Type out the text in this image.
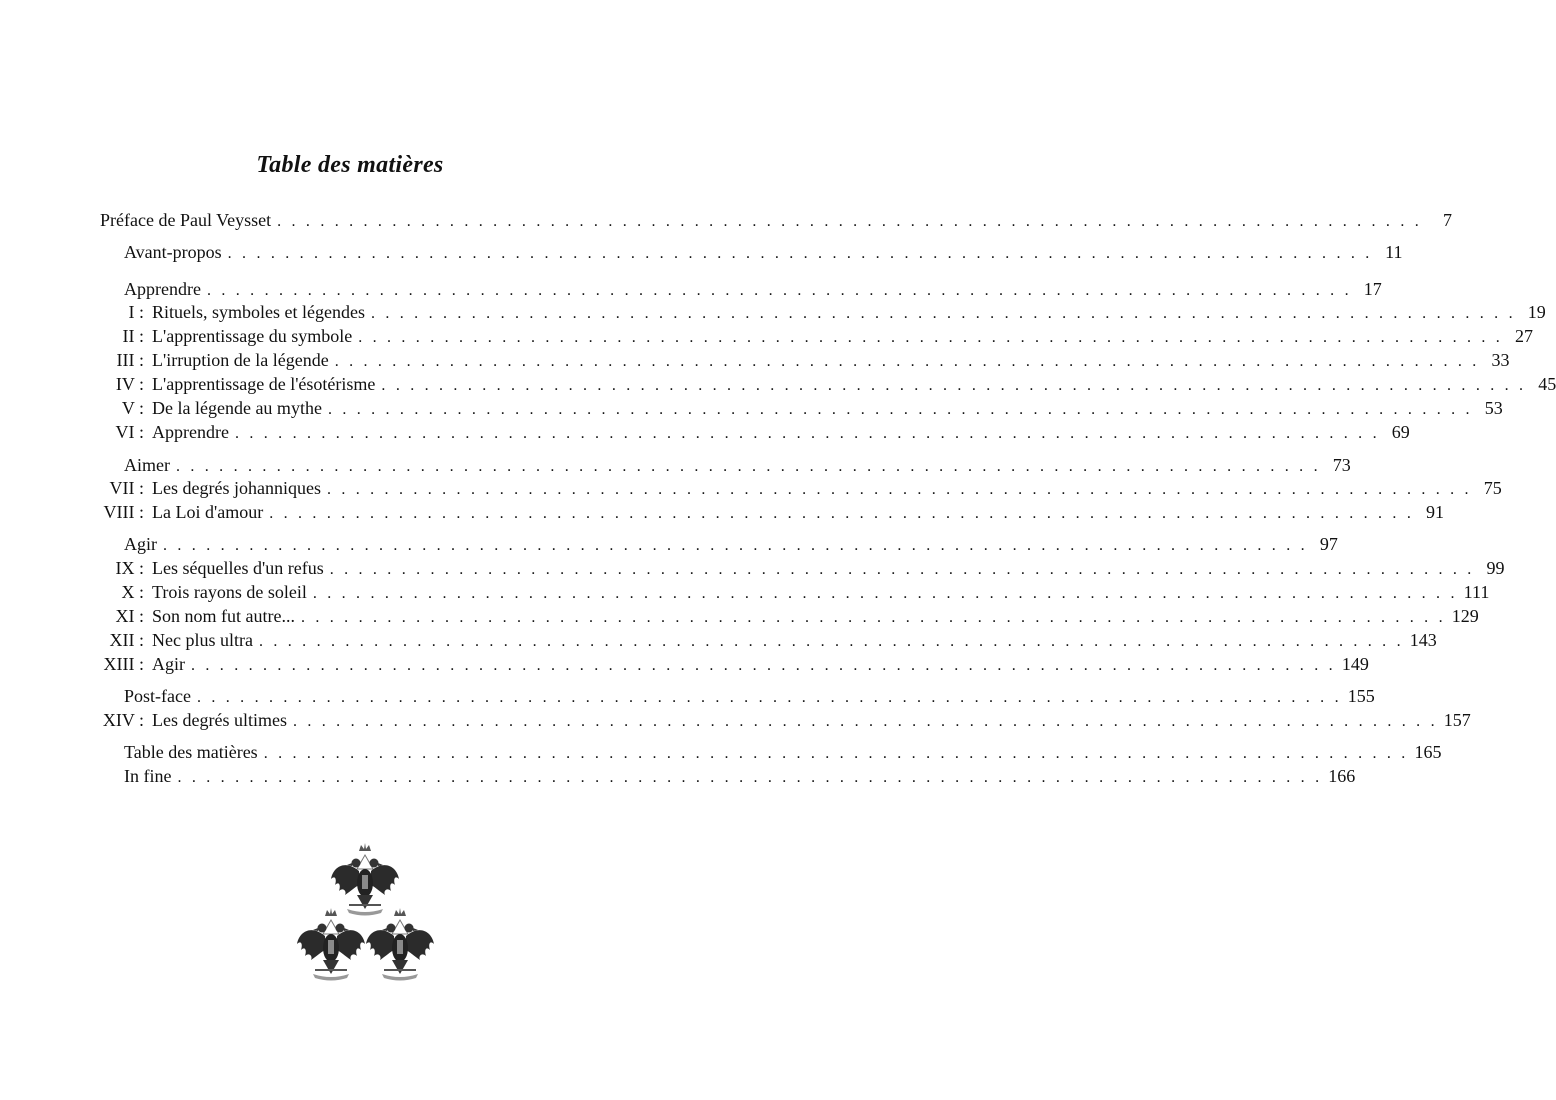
Table des matières
Préface de Paul Veysset . . . . . . . . . . . . . . . . . . . . . . . . . . . . . . . . . . . . . . . . . . . . . . . . . . . . . . . . . . . . . . . . . . . . . . . . . . . . . . . .	7
Avant-propos . . . . . . . . . . . . . . . . . . . . . . . . . . . . . . . . . . . . . . . . . . . . . . . . . . . . . . . . . . . . . . . . . . . . . . . . . . . . . . . . 11
Apprendre . . . . . . . . . . . . . . . . . . . . . . . . . . . . . . . . . . . . . . . . . . . . . . . . . . . . . . . . . . . . . . . . . . . . . . . . . . . . . . . . 17
I : Rituels, symboles et légendes . . . . . . . . . . . . . . . . . . . . . . . . . . . . . . . . . . . . . . . . . . . . . . . . . . . . . . . . . . . . . . . . . . . . . . . . . . . . . . . . 19
II : L'apprentissage du symbole . . . . . . . . . . . . . . . . . . . . . . . . . . . . . . . . . . . . . . . . . . . . . . . . . . . . . . . . . . . . . . . . . . . . . . . . . . . . . . . . 27
III : L'irruption de la légende . . . . . . . . . . . . . . . . . . . . . . . . . . . . . . . . . . . . . . . . . . . . . . . . . . . . . . . . . . . . . . . . . . . . . . . . . . . . . . . . 33
IV : L'apprentissage de l'ésotérisme . . . . . . . . . . . . . . . . . . . . . . . . . . . . . . . . . . . . . . . . . . . . . . . . . . . . . . . . . . . . . . . . . . . . . . . . . . . . . . . . 45
V : De la légende au mythe . . . . . . . . . . . . . . . . . . . . . . . . . . . . . . . . . . . . . . . . . . . . . . . . . . . . . . . . . . . . . . . . . . . . . . . . . . . . . . . . 53
VI : Apprendre . . . . . . . . . . . . . . . . . . . . . . . . . . . . . . . . . . . . . . . . . . . . . . . . . . . . . . . . . . . . . . . . . . . . . . . . . . . . . . . . 69
Aimer . . . . . . . . . . . . . . . . . . . . . . . . . . . . . . . . . . . . . . . . . . . . . . . . . . . . . . . . . . . . . . . . . . . . . . . . . . . . . . . . 73
VII : Les degrés johanniques . . . . . . . . . . . . . . . . . . . . . . . . . . . . . . . . . . . . . . . . . . . . . . . . . . . . . . . . . . . . . . . . . . . . . . . . . . . . . . . . 75
VIII : La Loi d'amour . . . . . . . . . . . . . . . . . . . . . . . . . . . . . . . . . . . . . . . . . . . . . . . . . . . . . . . . . . . . . . . . . . . . . . . . . . . . . . . . 91
Agir . . . . . . . . . . . . . . . . . . . . . . . . . . . . . . . . . . . . . . . . . . . . . . . . . . . . . . . . . . . . . . . . . . . . . . . . . . . . . . . . 97
IX : Les séquelles d'un refus . . . . . . . . . . . . . . . . . . . . . . . . . . . . . . . . . . . . . . . . . . . . . . . . . . . . . . . . . . . . . . . . . . . . . . . . . . . . . . . . 99
X : Trois rayons de soleil . . . . . . . . . . . . . . . . . . . . . . . . . . . . . . . . . . . . . . . . . . . . . . . . . . . . . . . . . . . . . . . . . . . . . . . . . . . . . . . . 111
XI : Son nom fut autre... . . . . . . . . . . . . . . . . . . . . . . . . . . . . . . . . . . . . . . . . . . . . . . . . . . . . . . . . . . . . . . . . . . . . . . . . . . . . . . . . 129
XII : Nec plus ultra . . . . . . . . . . . . . . . . . . . . . . . . . . . . . . . . . . . . . . . . . . . . . . . . . . . . . . . . . . . . . . . . . . . . . . . . . . . . . . . . 143
XIII : Agir . . . . . . . . . . . . . . . . . . . . . . . . . . . . . . . . . . . . . . . . . . . . . . . . . . . . . . . . . . . . . . . . . . . . . . . . . . . . . . . . 149
Post-face . . . . . . . . . . . . . . . . . . . . . . . . . . . . . . . . . . . . . . . . . . . . . . . . . . . . . . . . . . . . . . . . . . . . . . . . . . . . . . . . 155
XIV : Les degrés ultimes . . . . . . . . . . . . . . . . . . . . . . . . . . . . . . . . . . . . . . . . . . . . . . . . . . . . . . . . . . . . . . . . . . . . . . . . . . . . . . . . 157
Table des matières . . . . . . . . . . . . . . . . . . . . . . . . . . . . . . . . . . . . . . . . . . . . . . . . . . . . . . . . . . . . . . . . . . . . . . . . . . . . . . . . 165
In fine . . . . . . . . . . . . . . . . . . . . . . . . . . . . . . . . . . . . . . . . . . . . . . . . . . . . . . . . . . . . . . . . . . . . . . . . . . . . . . . . 166
